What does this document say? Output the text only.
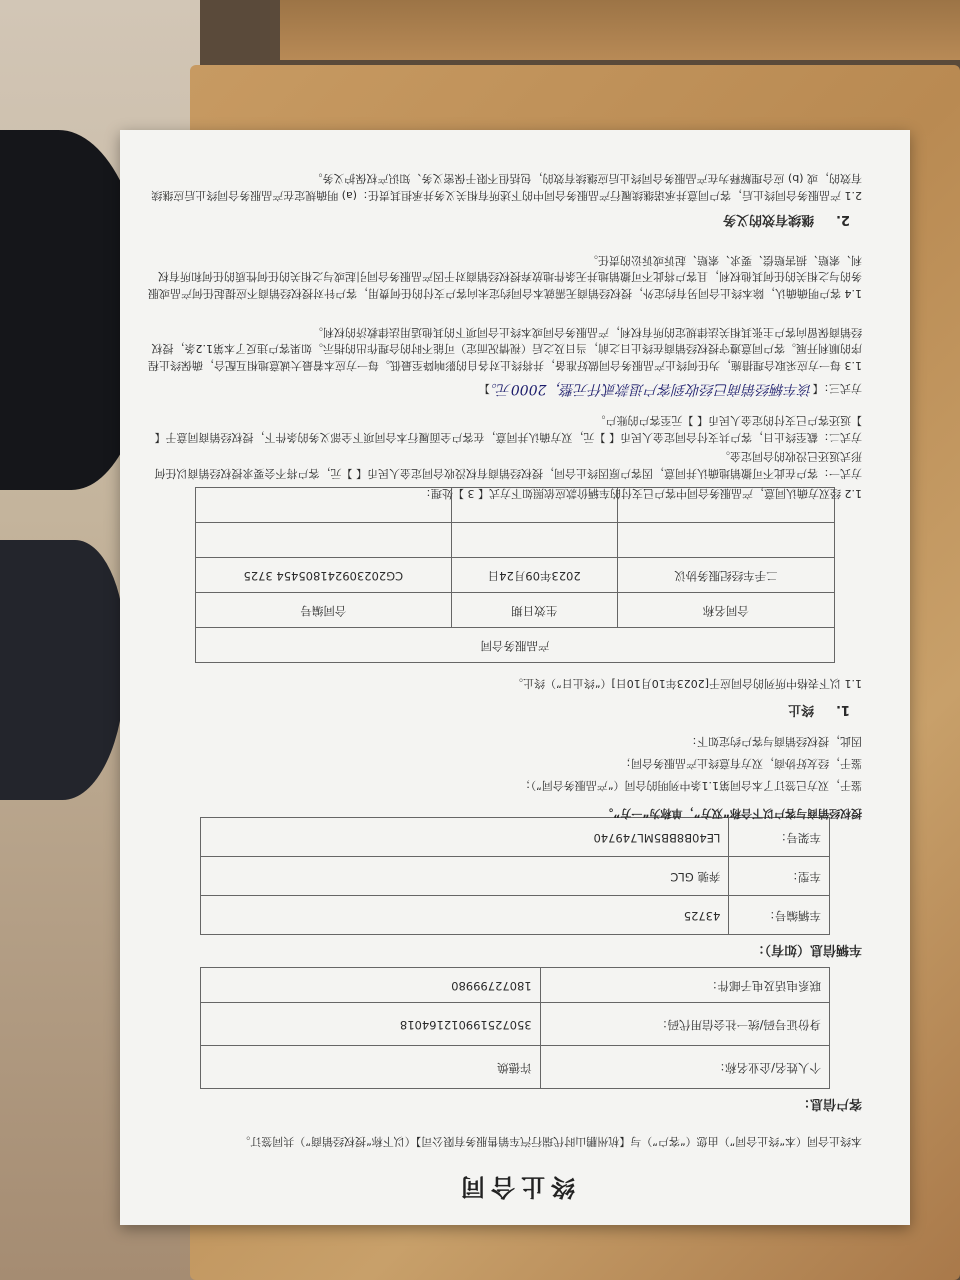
终止合同
本终止合同（本“终止合同”）由您（“客户”）与【杭州鹏山时代瑞行汽车销售服务有限公司】（以下称“授权经销商”）共同签订。
客户信息：
个人姓名/企业名称：	许德焕
身份证号码/统一社会信用代码：	350725199012164018
联系电话及电子邮件：	18072799980
车辆信息（如有）：
车辆编号：	43725
车型：	奔驰 GLC
车架号：	LE40B8BB5ML749740
授权经销商与客户以下合称“双方”，单称为“一方”。
鉴于，双方已签订了本合同第1.1条中列明的合同（“产品服务合同”）；
鉴于，经友好协商，双方有意终止产品服务合同；
因此，授权经销商与客户约定如下：
1.终止
1.1 以下表格中所列的合同应于[2023年10月10日]（“终止日”）终止。
产品服务合同		
合同名称	生效日期	合同编号
二手车经纪服务协议	2023年09月24日	CG202309241805454 3725

1.2 经双方确认同意，产品服务合同中客户已支付的车辆价款应依照如下方式【 3 】处理：
方式一：客户在此不可撤销地确认并同意，因客户原因终止合同，授权经销商有权没收合同定金人民币【 】元，客户将不会要求授权经销商以任何形式返还已没收的合同定金。
方式二：截至终止日，客户共支付合同定金人民币【 】元，双方确认并同意，在客户全面履行本合同项下全部义务的条件下，授权经销商同意于【 】返还客户已支付的定金人民币【 】元至客户的账户。
方式三：【该车辆经销商已经收到客户退款贰仟元整，2000元。】
1.3 每一方应采取合理措施，为任何终止产品服务合同做好准备，并将终止对各自的影响降至最低。每一方应本着最大诚意地相互配合，确保终止程序的顺利开展。客户同意遵守授权经销商在终止日之前，当日及之后（视情况而定）可能不时的合理作出的指示。如果客户违反了本第1.2条，授权经销商保留向客户主张其相关法律规定的所有权利，产品服务合同或本终止合同项下的其他适用法律救济的权利。
1.4 客户明确确认，除本终止合同另有约定外，授权经销商无需就本合同约定未向客户支付的任何费用，客户针对授权经销商不应提起任何产品或服务的与之相关的任何其他权利，且客户将此不可撤销地并无条件地放弃授权经销商对于因产品服务合同引起或与之相关的任何性质的任何和所有权利、索赔、损害赔偿、要求、索赔、起诉或诉讼的责任。
2.继续有效的义务
2.1 产品服务合同终止后，客户同意并承诺继续履行产品服务合同中的下述所有相关义务并承担其责任：(a) 明确规定在产品服务合同终止后应继续有效的，或 (b) 应合理解释为在产品服务合同终止后应继续有效的，包括但不限于保密义务、知识产权保护义务。
